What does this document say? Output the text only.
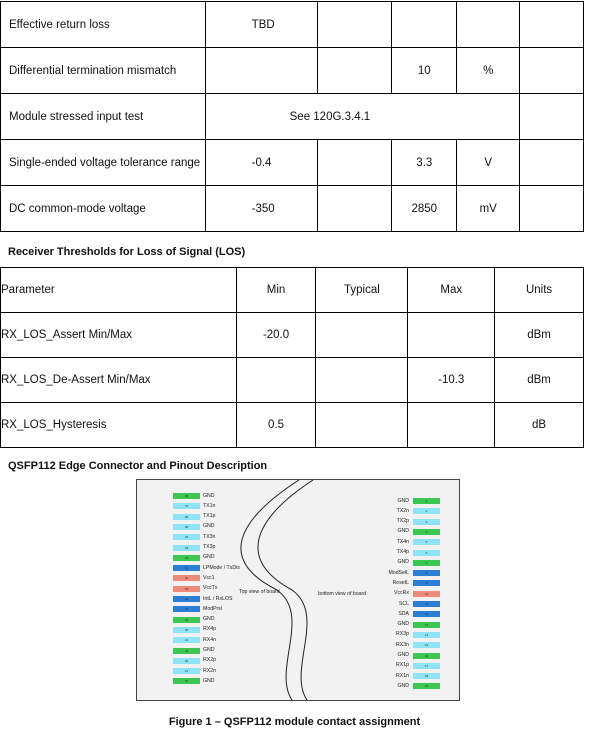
Effective return loss	TBD				
Differential termination mismatch			10	%	
Module stressed input test	See 120G.3.4.1				
Single-ended voltage tolerance range	-0.4		3.3	V	
DC common-mode voltage	-350		2850	mV	
Receiver Thresholds for Loss of Signal (LOS)
Parameter	Min	Typical	Max	Units
RX_LOS_Assert Min/Max	-20.0			dBm
RX_LOS_De-Assert Min/Max			-10.3	dBm
RX_LOS_Hysteresis	0.5			dB
QSFP112 Edge Connector and Pinout Description
38	GND
37	TX1n
36	TX1p
35	GND
34	TX3n
33	TX3p
32	GND
31	LPMode / TxDis
30	Vcc1
29	VccTx
28	IntL / RxLOS
27	ModPrsl
26	GND
25	RX4p
24	RX4n
23	GND
22	RX2p
21	RX2n
20	GND
1
GND
2
TX2n
3
TX2p
4
GND
5
TX4n
6
TX4p
7
GND
8
ModSelL
9
ResetL
10
VccRx
11
SCL
12
SDA
13
GND
14
RX3p
15
RX3n
16
GND
17
RX1p
18
RX1n
19
GND
Top view of board	bottom view of board
Figure 1 – QSFP112 module contact assignment
